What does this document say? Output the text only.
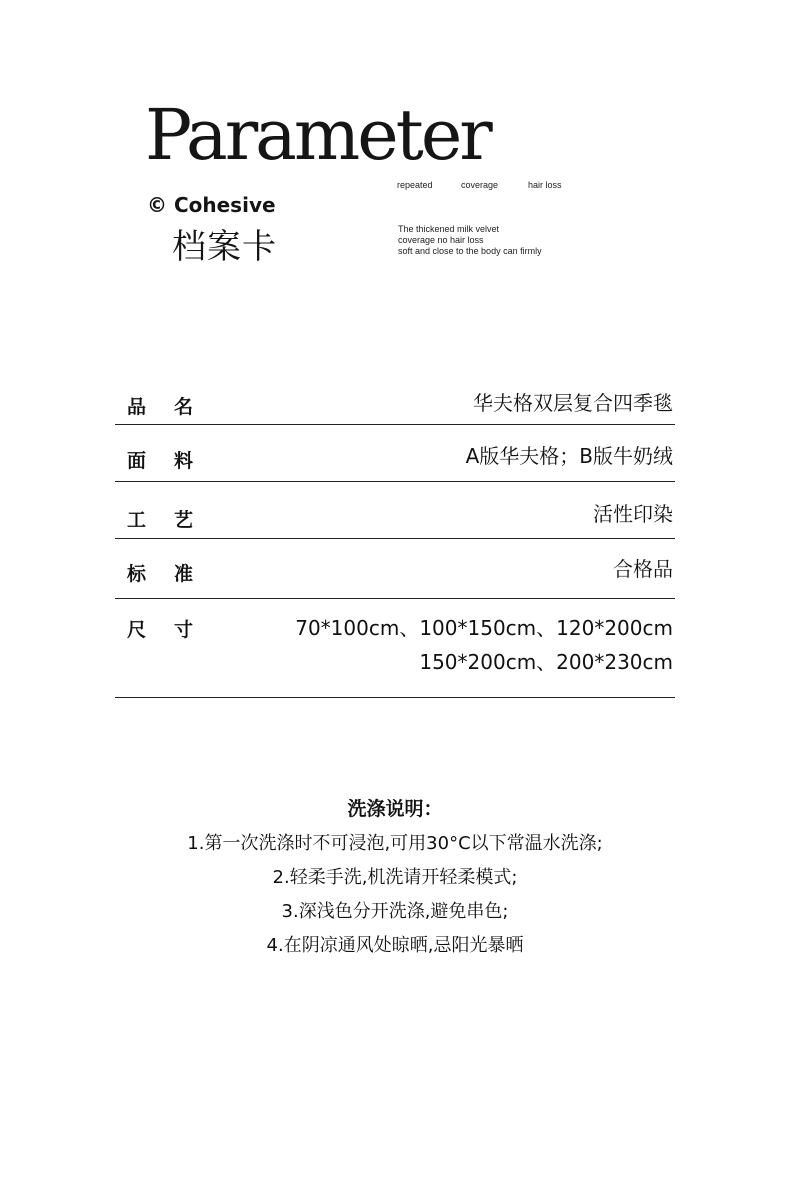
Parameter
repeated	coverage	hair loss
© Cohesive
档案卡	The thickened milk velvet
coverage no hair loss
soft and close to the body can firmly
品名	华夫格双层复合四季毯
面料	A版华夫格；B版牛奶绒
工艺	活性印染
标准	合格品
尺寸	70*100cm、100*150cm、120*200cm
150*200cm、200*230cm
洗涤说明：
1.第一次洗涤时不可浸泡,可用30°C以下常温水洗涤;
2.轻柔手洗,机洗请开轻柔模式;
3.深浅色分开洗涤,避免串色;
4.在阴凉通风处晾晒,忌阳光暴晒
